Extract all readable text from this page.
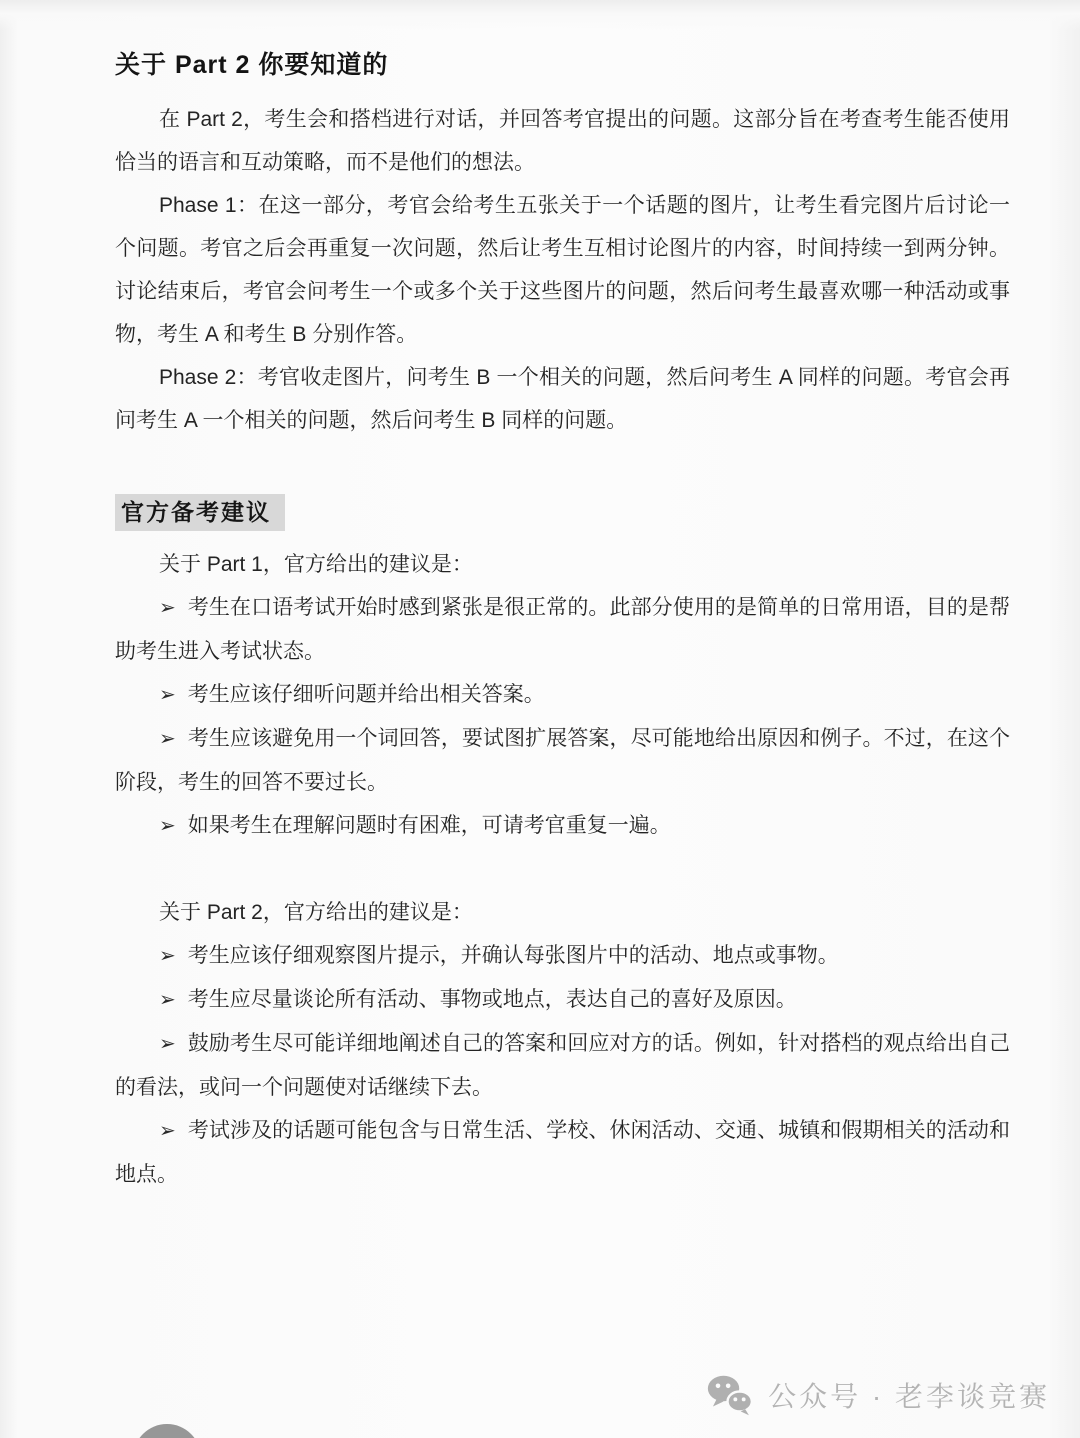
关于 Part 2 你要知道的

在 Part 2，考生会和搭档进行对话，并回答考官提出的问题。这部分旨在考查考生能否使用恰当的语言和互动策略，而不是他们的想法。

Phase 1：在这一部分，考官会给考生五张关于一个话题的图片，让考生看完图片后讨论一个问题。考官之后会再重复一次问题，然后让考生互相讨论图片的内容，时间持续一到两分钟。讨论结束后，考官会问考生一个或多个关于这些图片的问题，然后问考生最喜欢哪一种活动或事物，考生 A 和考生 B 分别作答。

Phase 2：考官收走图片，问考生 B 一个相关的问题，然后问考生 A 同样的问题。考官会再问考生 A 一个相关的问题，然后问考生 B 同样的问题。

官方备考建议

关于 Part 1，官方给出的建议是：

➢ 考生在口语考试开始时感到紧张是很正常的。此部分使用的是简单的日常用语，目的是帮助考生进入考试状态。
➢ 考生应该仔细听问题并给出相关答案。
➢ 考生应该避免用一个词回答，要试图扩展答案，尽可能地给出原因和例子。不过，在这个阶段，考生的回答不要过长。
➢ 如果考生在理解问题时有困难，可请考官重复一遍。

关于 Part 2，官方给出的建议是：

➢ 考生应该仔细观察图片提示，并确认每张图片中的活动、地点或事物。
➢ 考生应尽量谈论所有活动、事物或地点，表达自己的喜好及原因。
➢ 鼓励考生尽可能详细地阐述自己的答案和回应对方的话。例如，针对搭档的观点给出自己的看法，或问一个问题使对话继续下去。
➢ 考试涉及的话题可能包含与日常生活、学校、休闲活动、交通、城镇和假期相关的活动和地点。
公众号 · 老李谈竞赛
